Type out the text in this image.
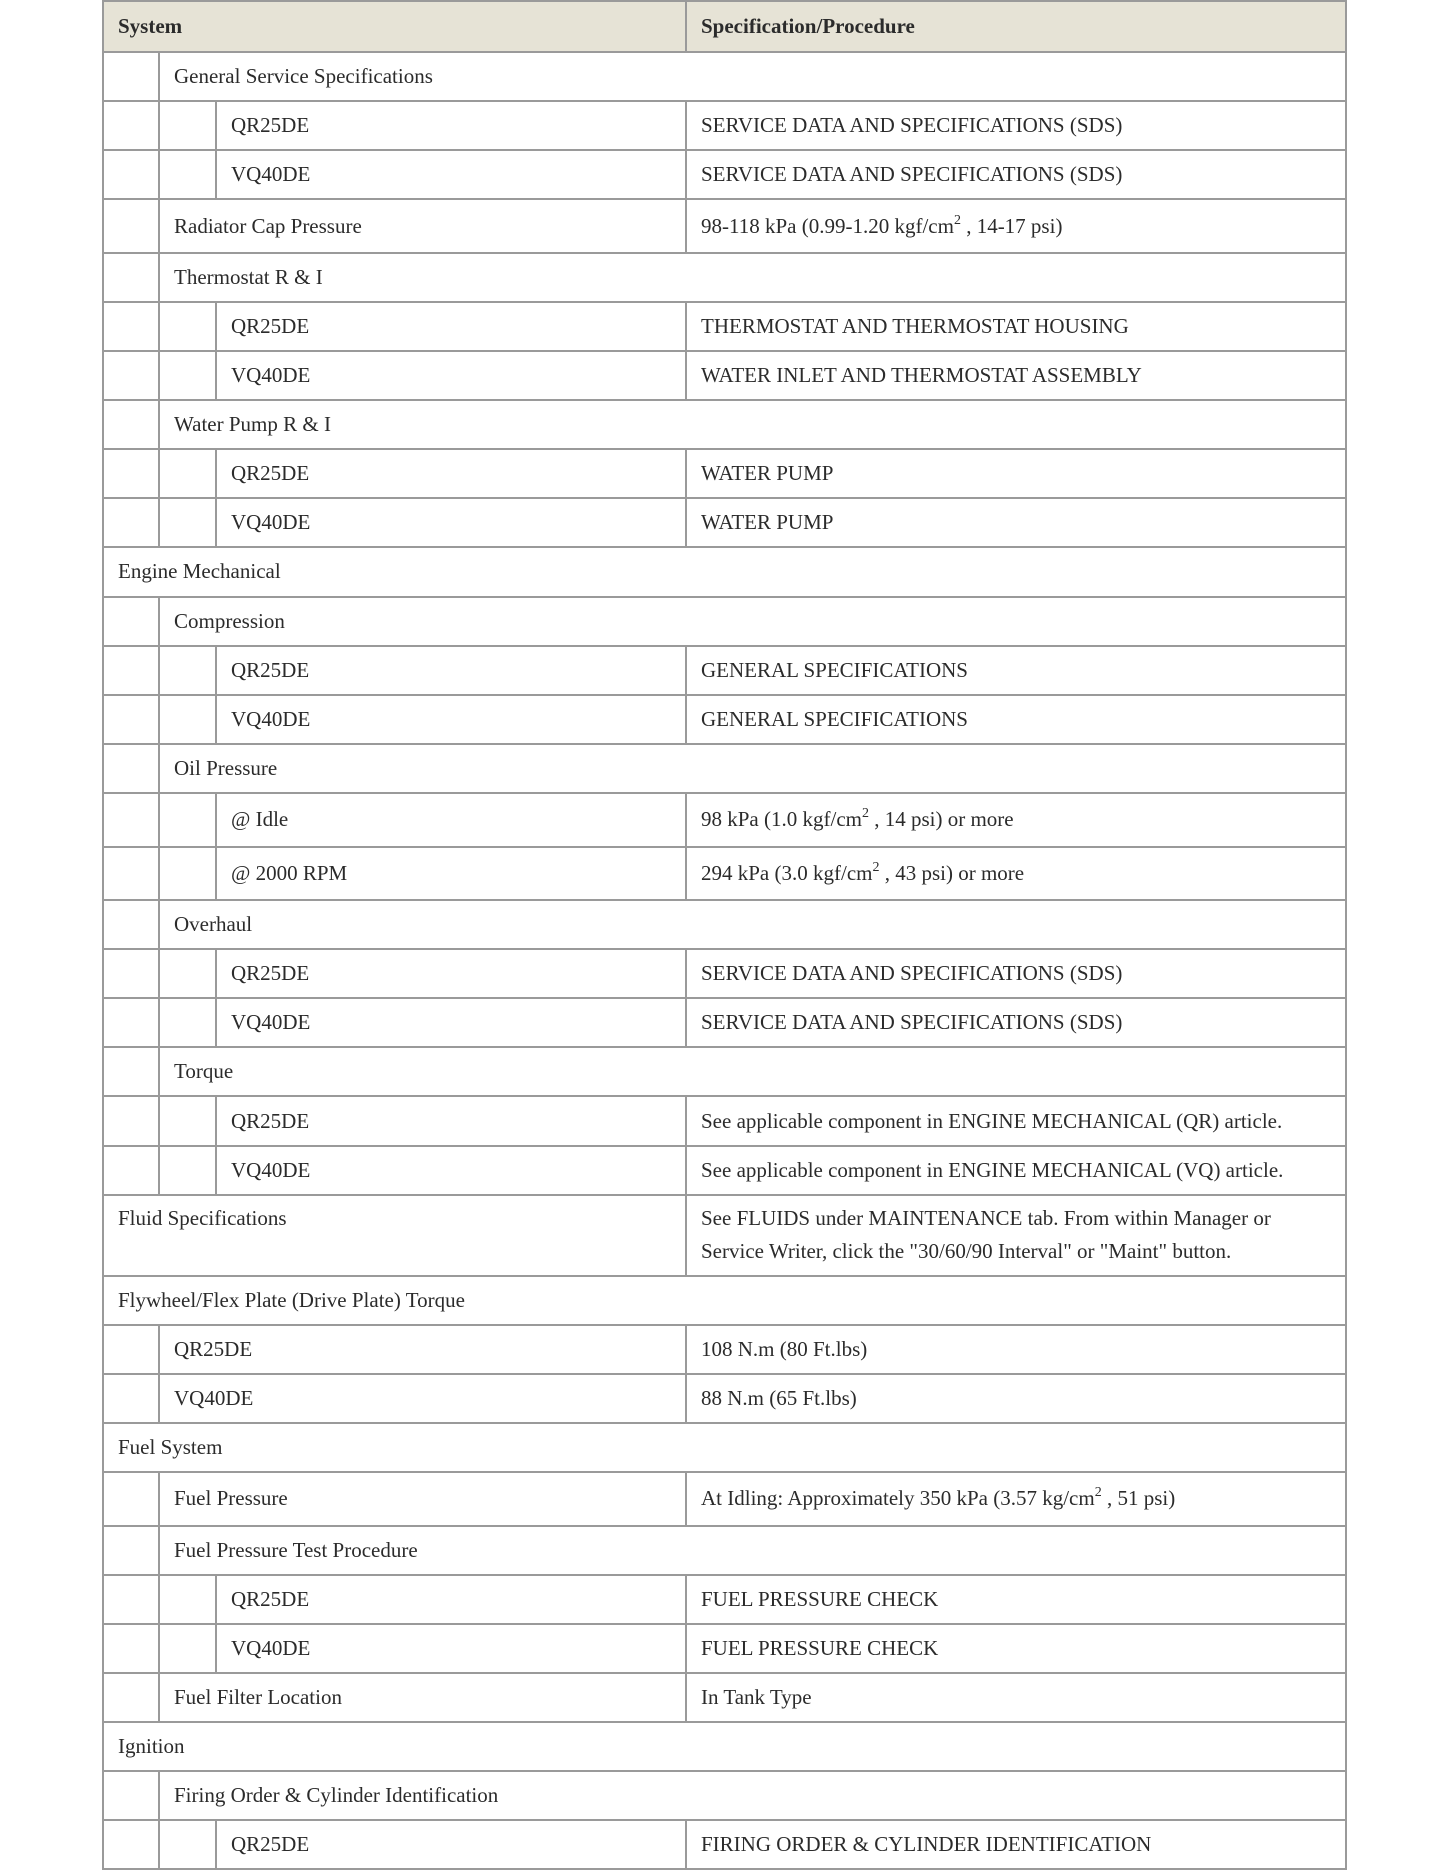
System			Specification/Procedure
	General Service Specifications		
		QR25DE	SERVICE DATA AND SPECIFICATIONS (SDS)
		VQ40DE	SERVICE DATA AND SPECIFICATIONS (SDS)
	Radiator Cap Pressure		98-118 kPa (0.99-1.20 kgf/$cm^2$ , 14-17 psi)
	Thermostat R & I		
		QR25DE	THERMOSTAT AND THERMOSTAT HOUSING
		VQ40DE	WATER INLET AND THERMOSTAT ASSEMBLY
	Water Pump R & I		
		QR25DE	WATER PUMP
		VQ40DE	WATER PUMP
Engine Mechanical			
	Compression		
		QR25DE	GENERAL SPECIFICATIONS
		VQ40DE	GENERAL SPECIFICATIONS
	Oil Pressure		
		@ Idle	98 kPa (1.0 kgf/$cm^2$ , 14 psi) or more
		@ 2000 RPM	294 kPa (3.0 kgf/$cm^2$ , 43 psi) or more
	Overhaul		
		QR25DE	SERVICE DATA AND SPECIFICATIONS (SDS)
		VQ40DE	SERVICE DATA AND SPECIFICATIONS (SDS)
	Torque		
		QR25DE	See applicable component in ENGINE MECHANICAL (QR) article.
		VQ40DE	See applicable component in ENGINE MECHANICAL (VQ) article.
Fluid Specifications			See FLUIDS under MAINTENANCE tab. From within Manager or Service Writer, click the "30/60/90 Interval" or "Maint" button.
Flywheel/Flex Plate (Drive Plate) Torque			
	QR25DE		108 N.m (80 Ft.lbs)
	VQ40DE		88 N.m (65 Ft.lbs)
Fuel System			
	Fuel Pressure		At Idling: Approximately 350 kPa (3.57 $kg/cm^2$ , 51 psi)
	Fuel Pressure Test Procedure		
		QR25DE	FUEL PRESSURE CHECK
		VQ40DE	FUEL PRESSURE CHECK
	Fuel Filter Location		In Tank Type
Ignition			
	Firing Order & Cylinder Identification		
		QR25DE	FIRING ORDER & CYLINDER IDENTIFICATION
